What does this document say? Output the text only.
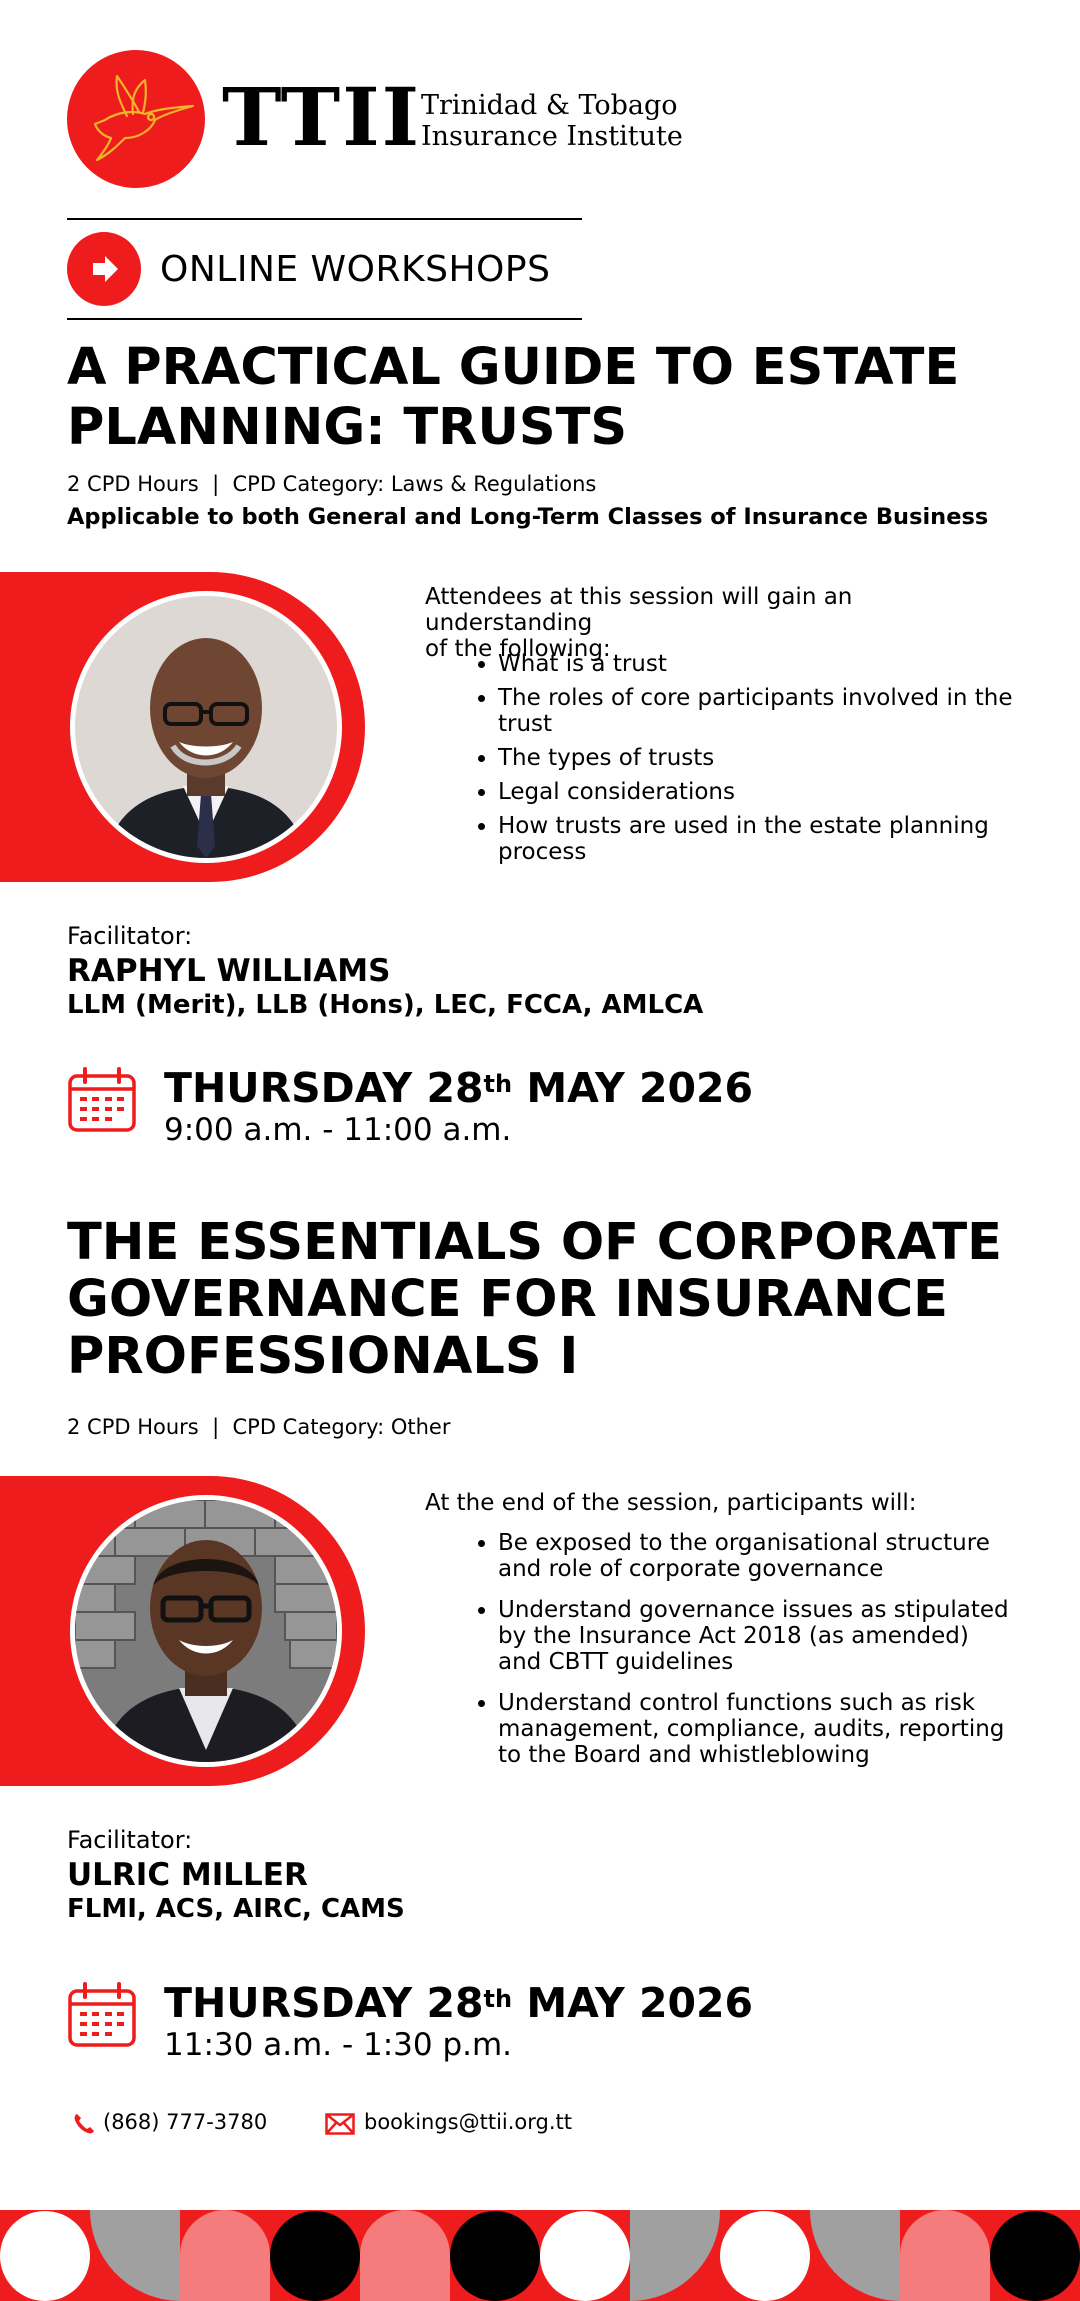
TTII Trinidad & Tobago
Insurance Institute
ONLINE WORKSHOPS
A PRACTICAL GUIDE TO ESTATE
PLANNING: TRUSTS
2 CPD Hours  |  CPD Category: Laws & Regulations
Applicable to both General and Long-Term Classes of Insurance Business
Attendees at this session will gain an understanding
of the following:
• What is a trust
• The roles of core participants involved in the trust
• The types of trusts
• Legal considerations
• How trusts are used in the estate planning process
Facilitator:
RAPHYL WILLIAMS
LLM (Merit), LLB (Hons), LEC, FCCA, AMLCA
THURSDAY 28th MAY 2026
9:00 a.m. - 11:00 a.m.
THE ESSENTIALS OF CORPORATE
GOVERNANCE FOR INSURANCE
PROFESSIONALS I
2 CPD Hours  |  CPD Category: Other
At the end of the session, participants will:
• Be exposed to the organisational structure and role of corporate governance
• Understand governance issues as stipulated by the Insurance Act 2018 (as amended) and CBTT guidelines
• Understand control functions such as risk management, compliance, audits, reporting to the Board and whistleblowing
Facilitator:
ULRIC MILLER
FLMI, ACS, AIRC, CAMS
THURSDAY 28th MAY 2026
11:30 a.m. - 1:30 p.m.
(868) 777-3780	bookings@ttii.org.tt
